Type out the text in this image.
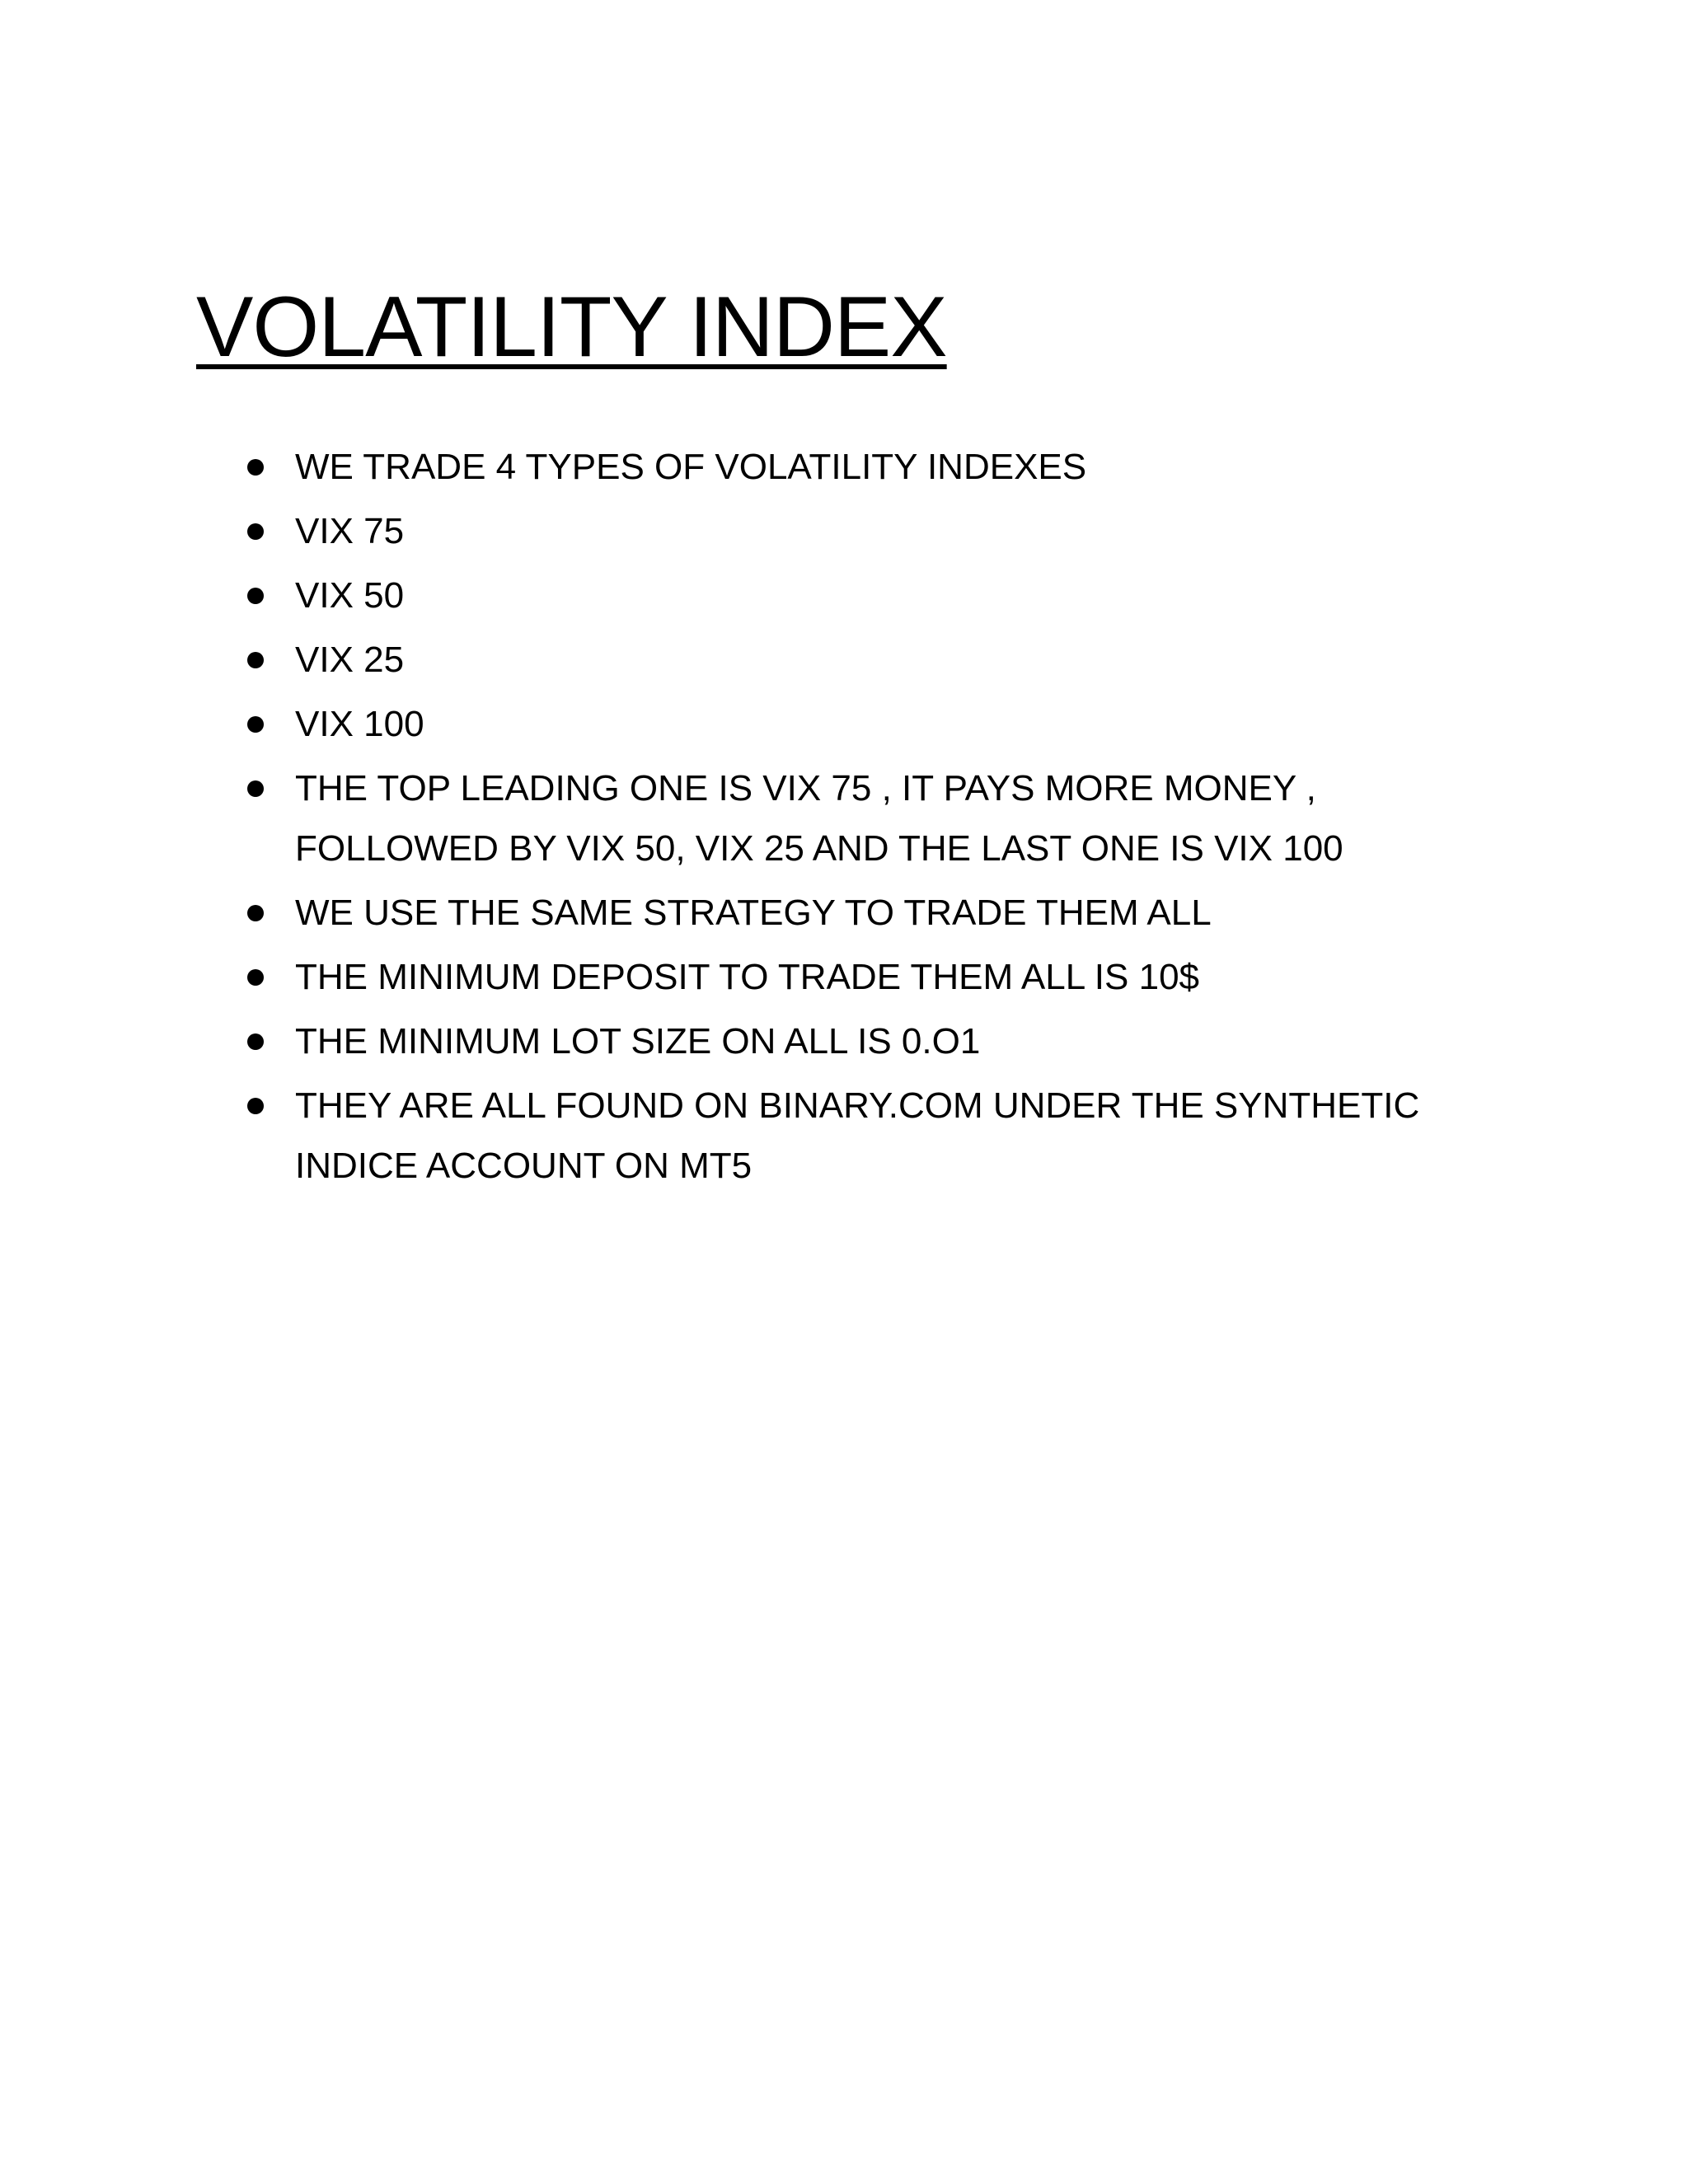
VOLATILITY INDEX
WE TRADE 4 TYPES OF VOLATILITY INDEXES
VIX 75
VIX 50
VIX 25
VIX 100
THE TOP LEADING ONE IS VIX 75 , IT PAYS MORE MONEY , FOLLOWED BY VIX 50, VIX 25 AND THE LAST ONE IS VIX 100
WE USE THE SAME STRATEGY TO TRADE THEM ALL
THE MINIMUM DEPOSIT TO TRADE THEM ALL IS 10$
THE MINIMUM LOT SIZE ON ALL IS 0.O1
THEY ARE ALL FOUND ON BINARY.COM UNDER THE SYNTHETIC INDICE ACCOUNT ON MT5
